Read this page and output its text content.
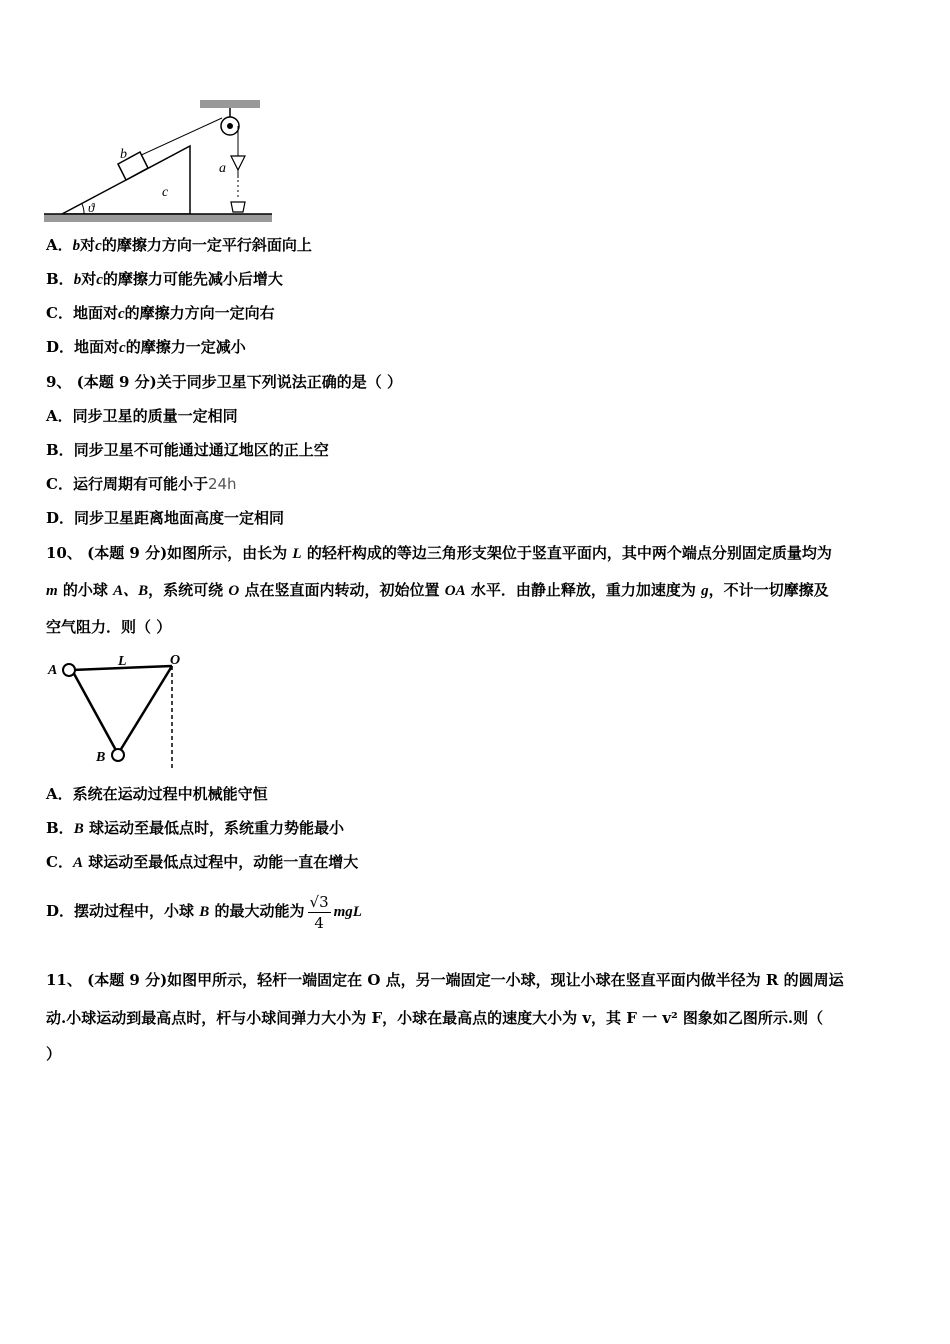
ϑ
b
c
a
A．b对c的摩擦力方向一定平行斜面向上
B．b对c的摩擦力可能先减小后增大
C．地面对c的摩擦力方向一定向右
D．地面对c的摩擦力一定减小
9、 (本题 9 分)关于同步卫星下列说法正确的是（ ）
A．同步卫星的质量一定相同
B．同步卫星不可能通过通辽地区的正上空
C．运行周期有可能小于24h
D．同步卫星距离地面高度一定相同
10、 (本题 9 分)如图所示，由长为 L 的轻杆构成的等边三角形支架位于竖直平面内，其中两个端点分别固定质量均为
m 的小球 A、B，系统可绕 O 点在竖直面内转动，初始位置 OA 水平．由静止释放，重力加速度为 g，不计一切摩擦及
空气阻力．则（ ）
A
L	O
B
A．系统在运动过程中机械能守恒
B．B 球运动至最低点时，系统重力势能最小
C．A 球运动至最低点过程中，动能一直在增大
D．摆动过程中，小球 B 的最大动能为 $\frac{√3}{4}$ mgL
11、 (本题 9 分)如图甲所示，轻杆一端固定在 O 点，另一端固定一小球，现让小球在竖直平面内做半径为 R 的圆周运
动.小球运动到最高点时，杆与小球间弹力大小为 F，小球在最高点的速度大小为 v，其 F 一 v² 图象如乙图所示.则（
）
